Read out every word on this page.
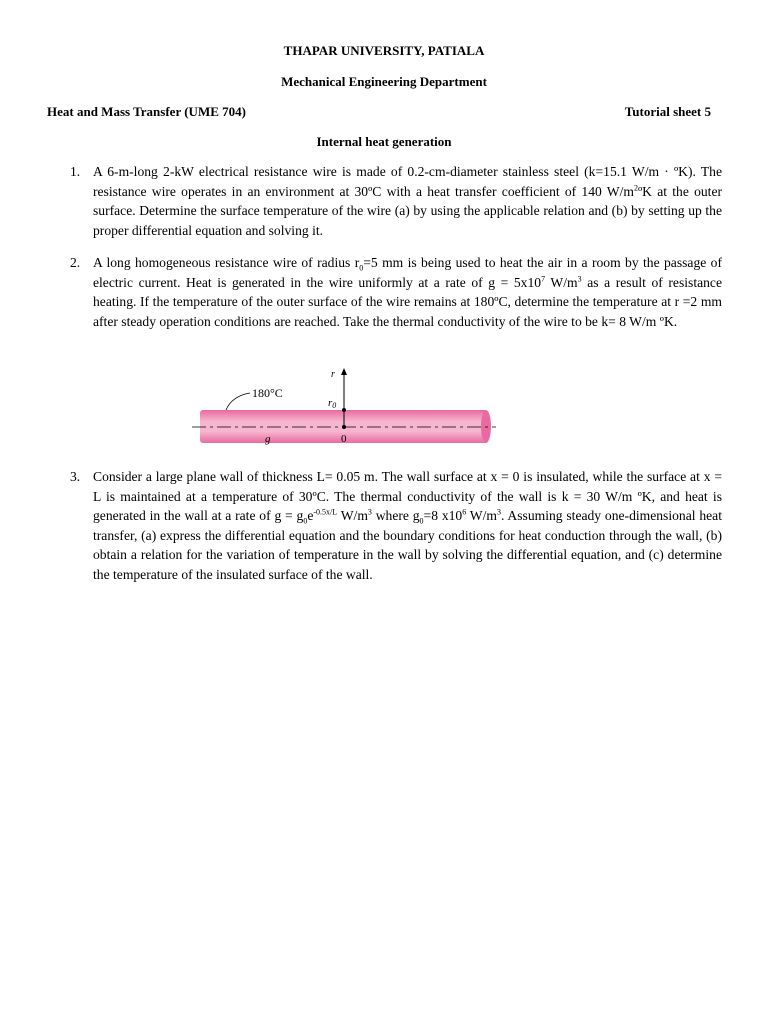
THAPAR UNIVERSITY, PATIALA
Mechanical Engineering Department
Heat and Mass Transfer (UME 704)	Tutorial sheet 5
Internal heat generation
1. A 6-m-long 2-kW electrical resistance wire is made of 0.2-cm-diameter stainless steel (k=15.1 W/m · ºK). The resistance wire operates in an environment at 30ºC with a heat transfer coefficient of 140 $W/m^2ºK$ at the outer surface. Determine the surface temperature of the wire (a) by using the applicable relation and (b) by setting up the proper differential equation and solving it.
2. A long homogeneous resistance wire of radius $r_0=5$ mm is being used to heat the air in a room by the passage of electric current. Heat is generated in the wire uniformly at a rate of $g = 5x10^7$ $W/m^3$ as a result of resistance heating. If the temperature of the outer surface of the wire remains at 180ºC, determine the temperature at r =2 mm after steady operation conditions are reached. Take the thermal conductivity of the wire to be k= 8 W/m ºK.
180°C
r
r0
g	0
3. Consider a large plane wall of thickness L= 0.05 m. The wall surface at x = 0 is insulated, while the surface at x = L is maintained at a temperature of 30ºC. The thermal conductivity of the wall is k = 30 W/m ºK, and heat is generated in the wall at a rate of $g = g_0e^{-0.5x/L}$ $W/m^3$ where $g_0=8$ $x10^6$ $W/m^3$. Assuming steady one-dimensional heat transfer, (a) express the differential equation and the boundary conditions for heat conduction through the wall, (b) obtain a relation for the variation of temperature in the wall by solving the differential equation, and (c) determine the temperature of the insulated surface of the wall.
